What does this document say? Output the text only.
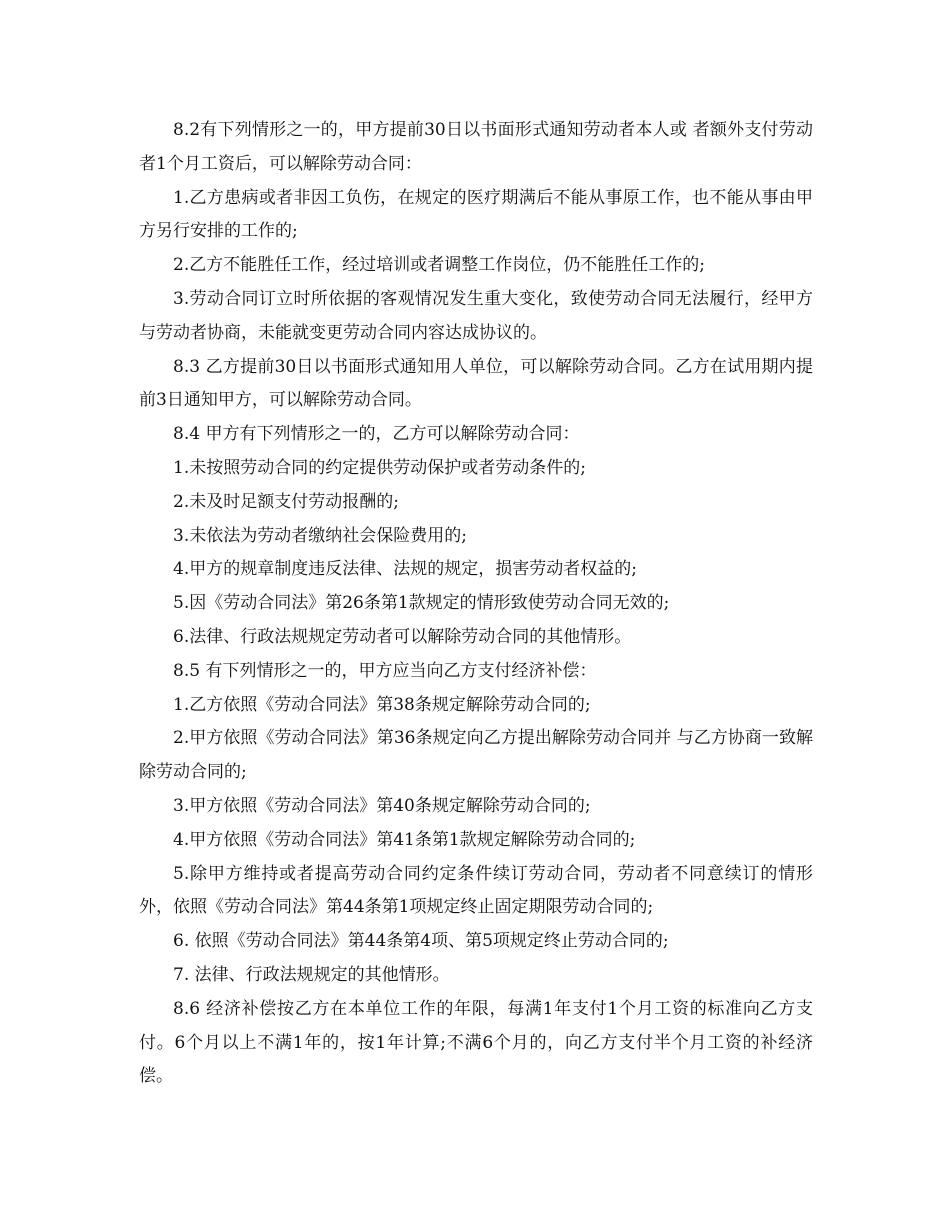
8.2有下列情形之一的，甲方提前30日以书面形式通知劳动者本人或 者额外支付劳动者1个月工资后，可以解除劳动合同：

1.乙方患病或者非因工负伤，在规定的医疗期满后不能从事原工作，也不能从事由甲方另行安排的工作的;

2.乙方不能胜任工作，经过培训或者调整工作岗位，仍不能胜任工作的;

3.劳动合同订立时所依据的客观情况发生重大变化，致使劳动合同无法履行，经甲方与劳动者协商，未能就变更劳动合同内容达成协议的。

8.3 乙方提前30日以书面形式通知用人单位，可以解除劳动合同。乙方在试用期内提前3日通知甲方，可以解除劳动合同。

8.4 甲方有下列情形之一的，乙方可以解除劳动合同：

1.未按照劳动合同的约定提供劳动保护或者劳动条件的;

2.未及时足额支付劳动报酬的;

3.未依法为劳动者缴纳社会保险费用的;

4.甲方的规章制度违反法律、法规的规定，损害劳动者权益的;

5.因《劳动合同法》第26条第1款规定的情形致使劳动合同无效的;

6.法律、行政法规规定劳动者可以解除劳动合同的其他情形。

8.5 有下列情形之一的，甲方应当向乙方支付经济补偿：

1.乙方依照《劳动合同法》第38条规定解除劳动合同的;

2.甲方依照《劳动合同法》第36条规定向乙方提出解除劳动合同并 与乙方协商一致解除劳动合同的;

3.甲方依照《劳动合同法》第40条规定解除劳动合同的;

4.甲方依照《劳动合同法》第41条第1款规定解除劳动合同的;

5.除甲方维持或者提高劳动合同约定条件续订劳动合同，劳动者不同意续订的情形外，依照《劳动合同法》第44条第1项规定终止固定期限劳动合同的;

6. 依照《劳动合同法》第44条第4项、第5项规定终止劳动合同的;

7. 法律、行政法规规定的其他情形。

8.6 经济补偿按乙方在本单位工作的年限，每满1年支付1个月工资的标准向乙方支付。6个月以上不满1年的，按1年计算;不满6个月的，向乙方支付半个月工资的补经济偿。
